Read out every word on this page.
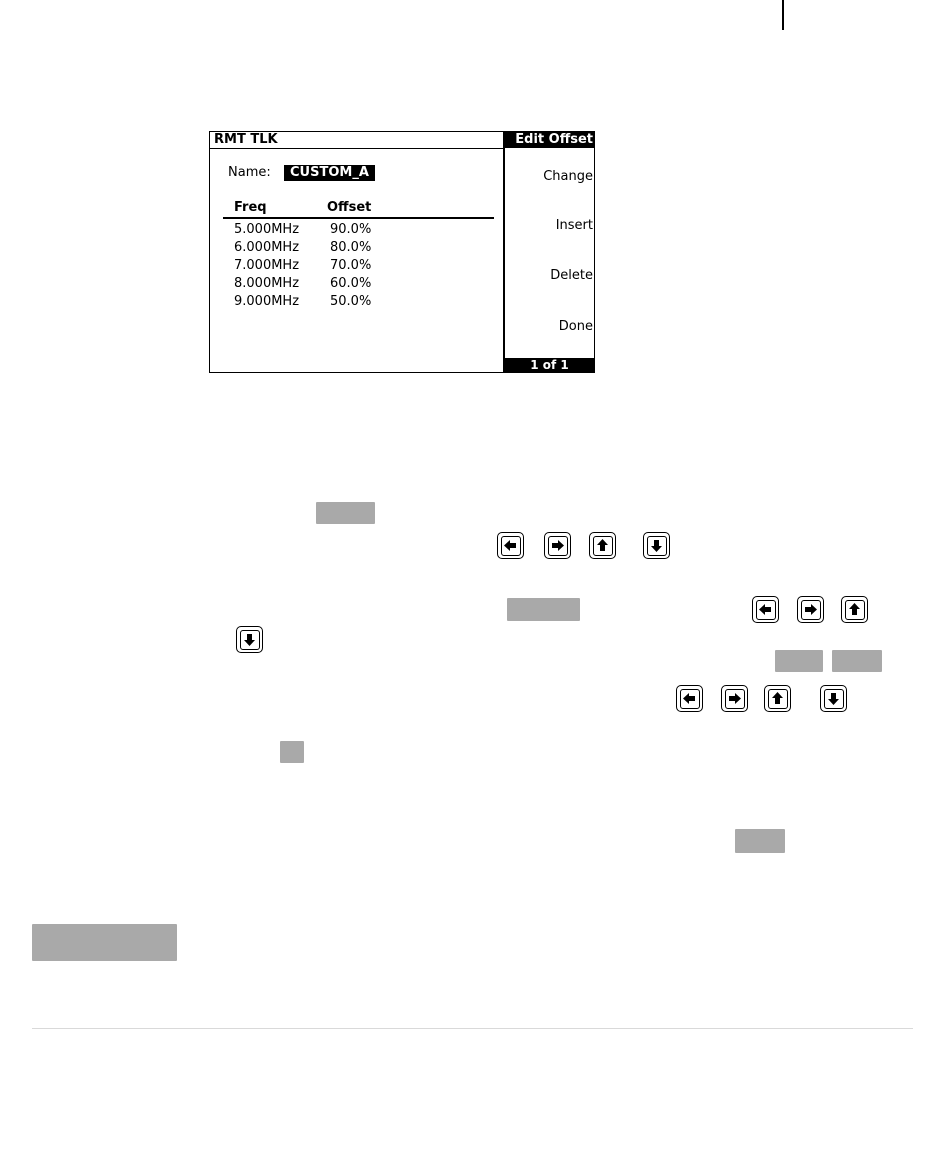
RMT TLK	Edit Offset
Change
Insert
Delete
Done
1 of 1
Name:	CUSTOM_A
Freq	Offset
5.000MHz 90.0%
6.000MHz 80.0%
7.000MHz 70.0%
8.000MHz 60.0%
9.000MHz 50.0%
